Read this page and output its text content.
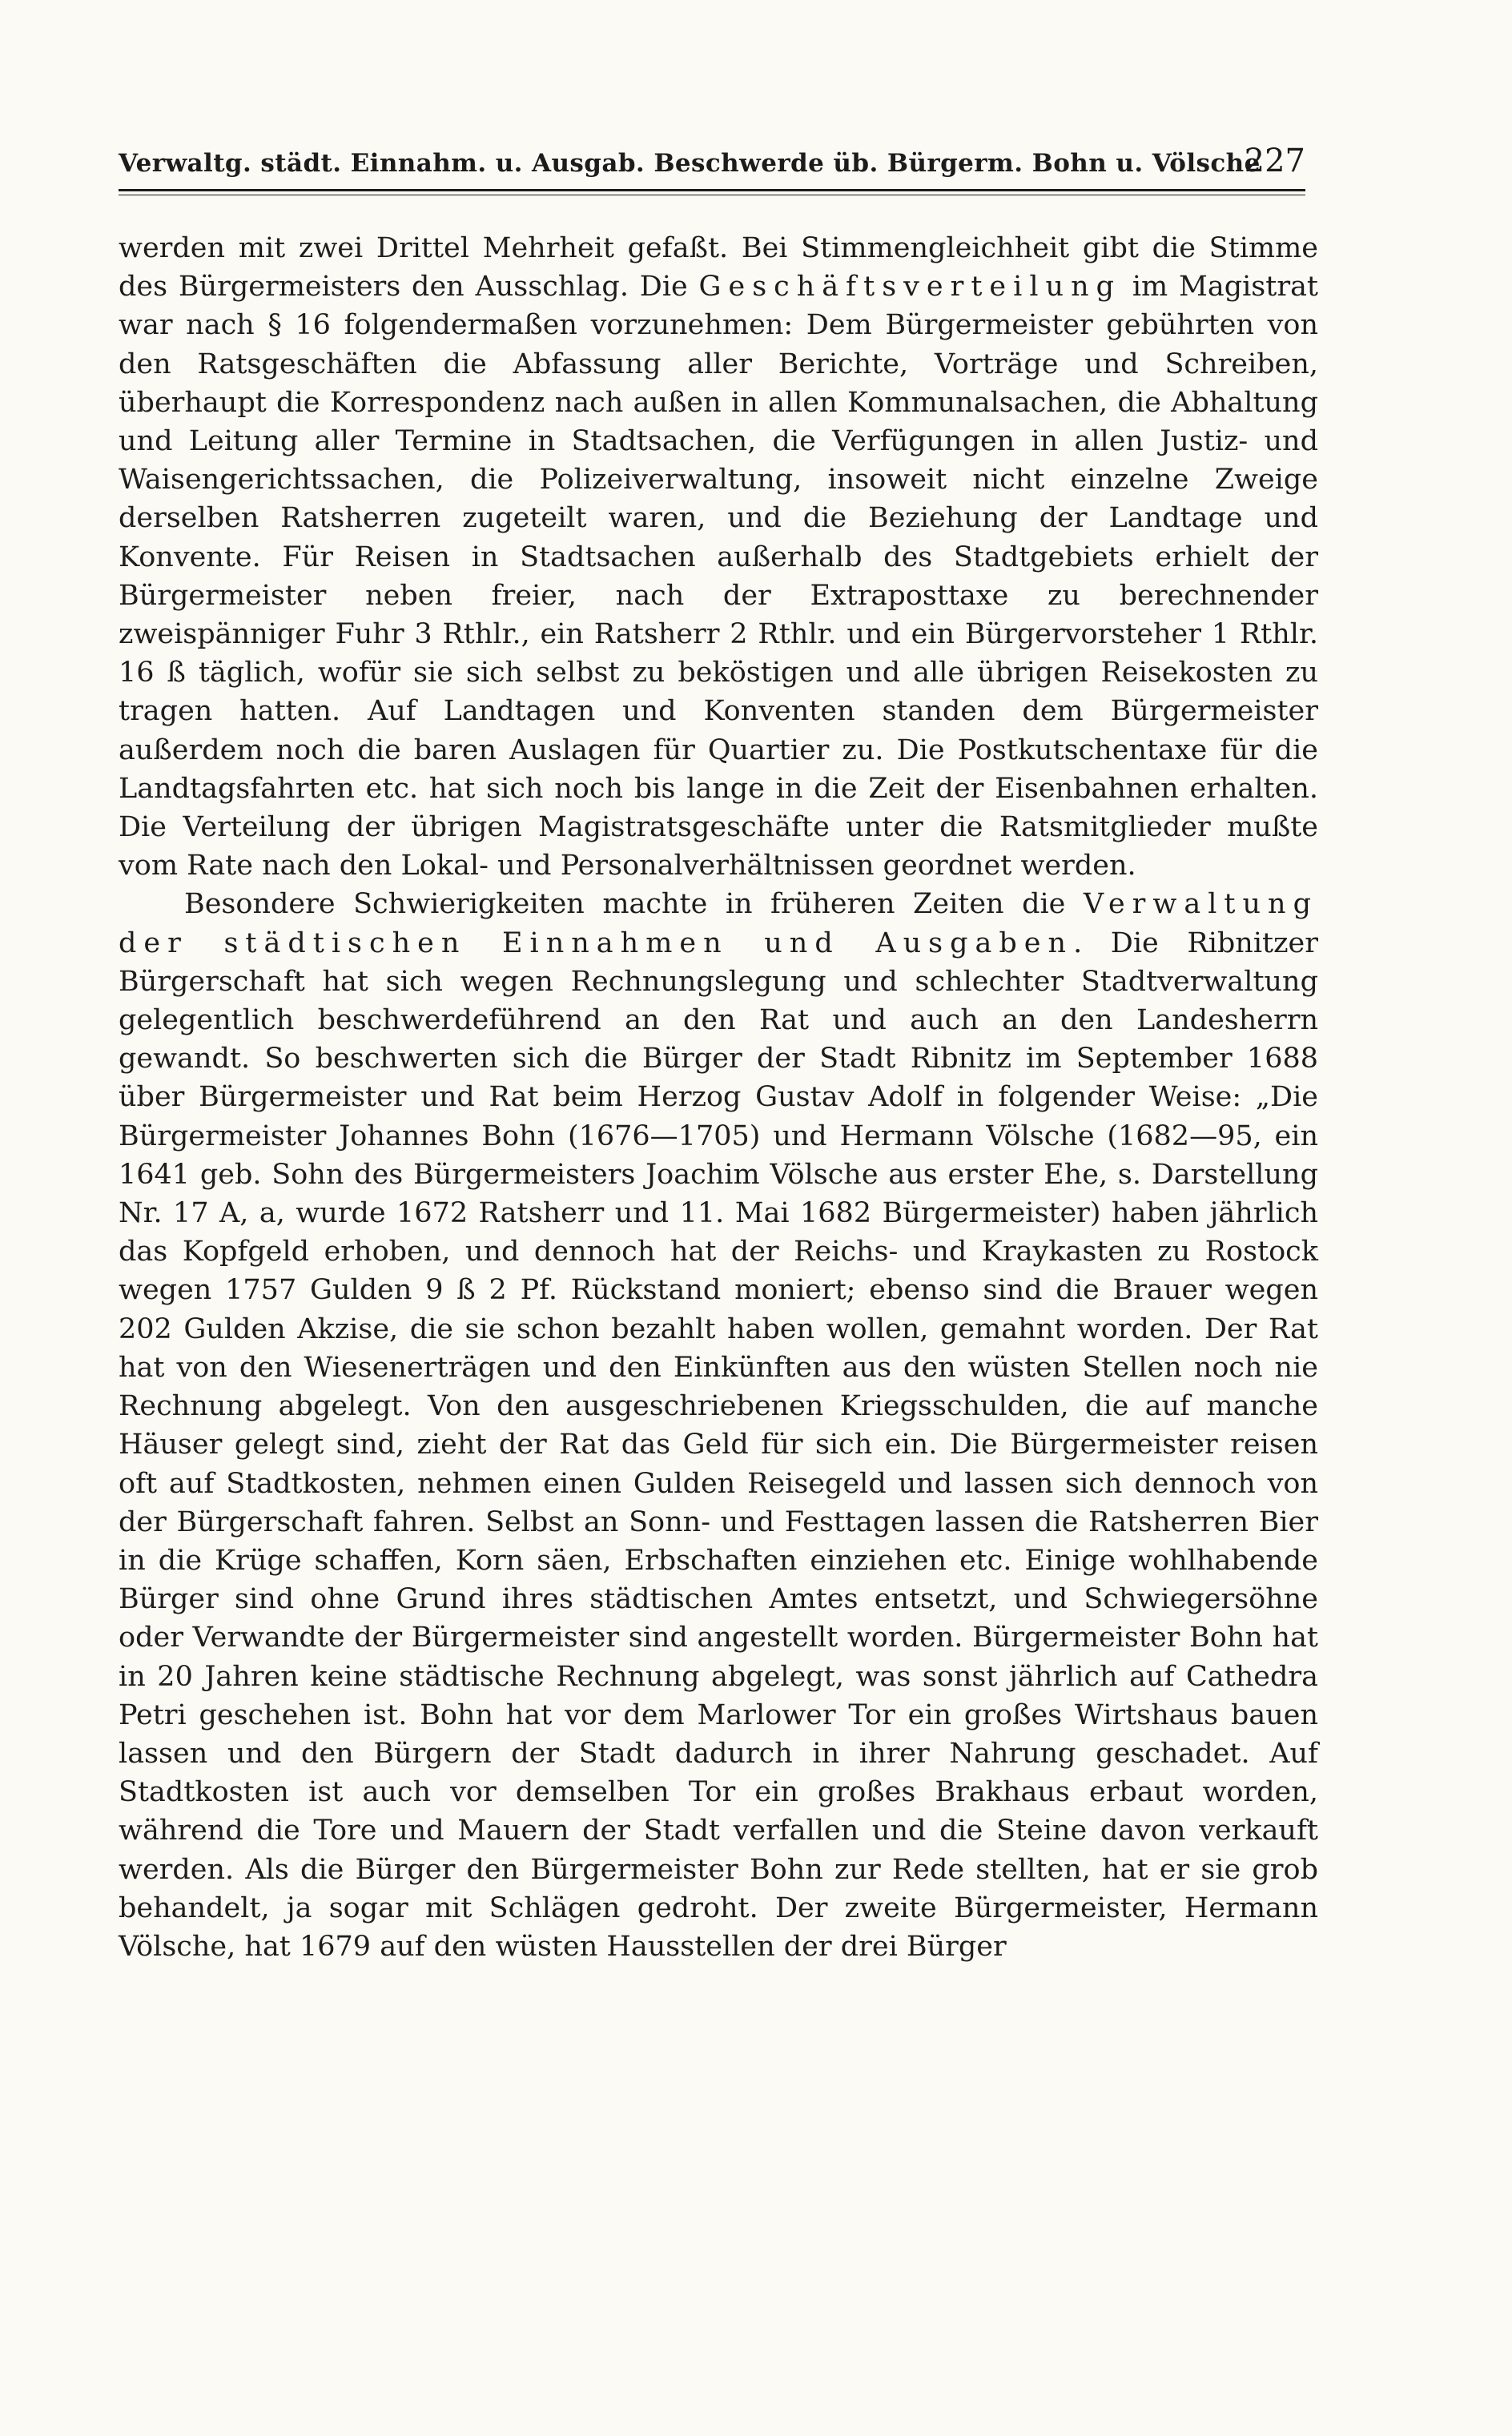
Verwaltg. städt. Einnahm. u. Ausgab. Beschwerde üb. Bürgerm. Bohn u. Völsche
227

werden mit zwei Drittel Mehrheit gefaßt. Bei Stimmengleichheit gibt die Stimme des Bürgermeisters den Ausschlag. Die Geschäftsverteilung im Magistrat war nach § 16 folgendermaßen vorzunehmen: Dem Bürgermeister gebührten von den Ratsgeschäften die Abfassung aller Berichte, Vorträge und Schreiben, überhaupt die Korrespondenz nach außen in allen Kommunalsachen, die Abhaltung und Leitung aller Termine in Stadtsachen, die Verfügungen in allen Justiz- und Waisengerichtssachen, die Polizeiverwaltung, insoweit nicht einzelne Zweige derselben Ratsherren zugeteilt waren, und die Beziehung der Landtage und Konvente. Für Reisen in Stadtsachen außerhalb des Stadtgebiets erhielt der Bürgermeister neben freier, nach der Extraposttaxe zu berechnender zweispänniger Fuhr 3 Rthlr., ein Ratsherr 2 Rthlr. und ein Bürgervorsteher 1 Rthlr. 16 ß täglich, wofür sie sich selbst zu beköstigen und alle übrigen Reisekosten zu tragen hatten. Auf Landtagen und Konventen standen dem Bürgermeister außerdem noch die baren Auslagen für Quartier zu. Die Postkutschentaxe für die Landtagsfahrten etc. hat sich noch bis lange in die Zeit der Eisenbahnen erhalten. Die Verteilung der übrigen Magistratsgeschäfte unter die Ratsmitglieder mußte vom Rate nach den Lokal- und Personalverhältnissen geordnet werden.

Besondere Schwierigkeiten machte in früheren Zeiten die Verwaltung der städtischen Einnahmen und Ausgaben. Die Ribnitzer Bürgerschaft hat sich wegen Rechnungslegung und schlechter Stadtverwaltung gelegentlich beschwerdeführend an den Rat und auch an den Landesherrn gewandt. So beschwerten sich die Bürger der Stadt Ribnitz im September 1688 über Bürgermeister und Rat beim Herzog Gustav Adolf in folgender Weise: „Die Bürgermeister Johannes Bohn (1676—1705) und Hermann Völsche (1682—95, ein 1641 geb. Sohn des Bürgermeisters Joachim Völsche aus erster Ehe, s. Darstellung Nr. 17 A, a, wurde 1672 Ratsherr und 11. Mai 1682 Bürgermeister) haben jährlich das Kopfgeld erhoben, und dennoch hat der Reichs- und Kraykasten zu Rostock wegen 1757 Gulden 9 ß 2 Pf. Rückstand moniert; ebenso sind die Brauer wegen 202 Gulden Akzise, die sie schon bezahlt haben wollen, gemahnt worden. Der Rat hat von den Wiesenerträgen und den Einkünften aus den wüsten Stellen noch nie Rechnung abgelegt. Von den ausgeschriebenen Kriegsschulden, die auf manche Häuser gelegt sind, zieht der Rat das Geld für sich ein. Die Bürgermeister reisen oft auf Stadtkosten, nehmen einen Gulden Reisegeld und lassen sich dennoch von der Bürgerschaft fahren. Selbst an Sonn- und Festtagen lassen die Ratsherren Bier in die Krüge schaffen, Korn säen, Erbschaften einziehen etc. Einige wohlhabende Bürger sind ohne Grund ihres städtischen Amtes entsetzt, und Schwiegersöhne oder Verwandte der Bürgermeister sind angestellt worden. Bürgermeister Bohn hat in 20 Jahren keine städtische Rechnung abgelegt, was sonst jährlich auf Cathedra Petri geschehen ist. Bohn hat vor dem Marlower Tor ein großes Wirtshaus bauen lassen und den Bürgern der Stadt dadurch in ihrer Nahrung geschadet. Auf Stadtkosten ist auch vor demselben Tor ein großes Brakhaus erbaut worden, während die Tore und Mauern der Stadt verfallen und die Steine davon verkauft werden. Als die Bürger den Bürgermeister Bohn zur Rede stellten, hat er sie grob behandelt, ja sogar mit Schlägen gedroht. Der zweite Bürgermeister, Hermann Völsche, hat 1679 auf den wüsten Hausstellen der drei Bürger
